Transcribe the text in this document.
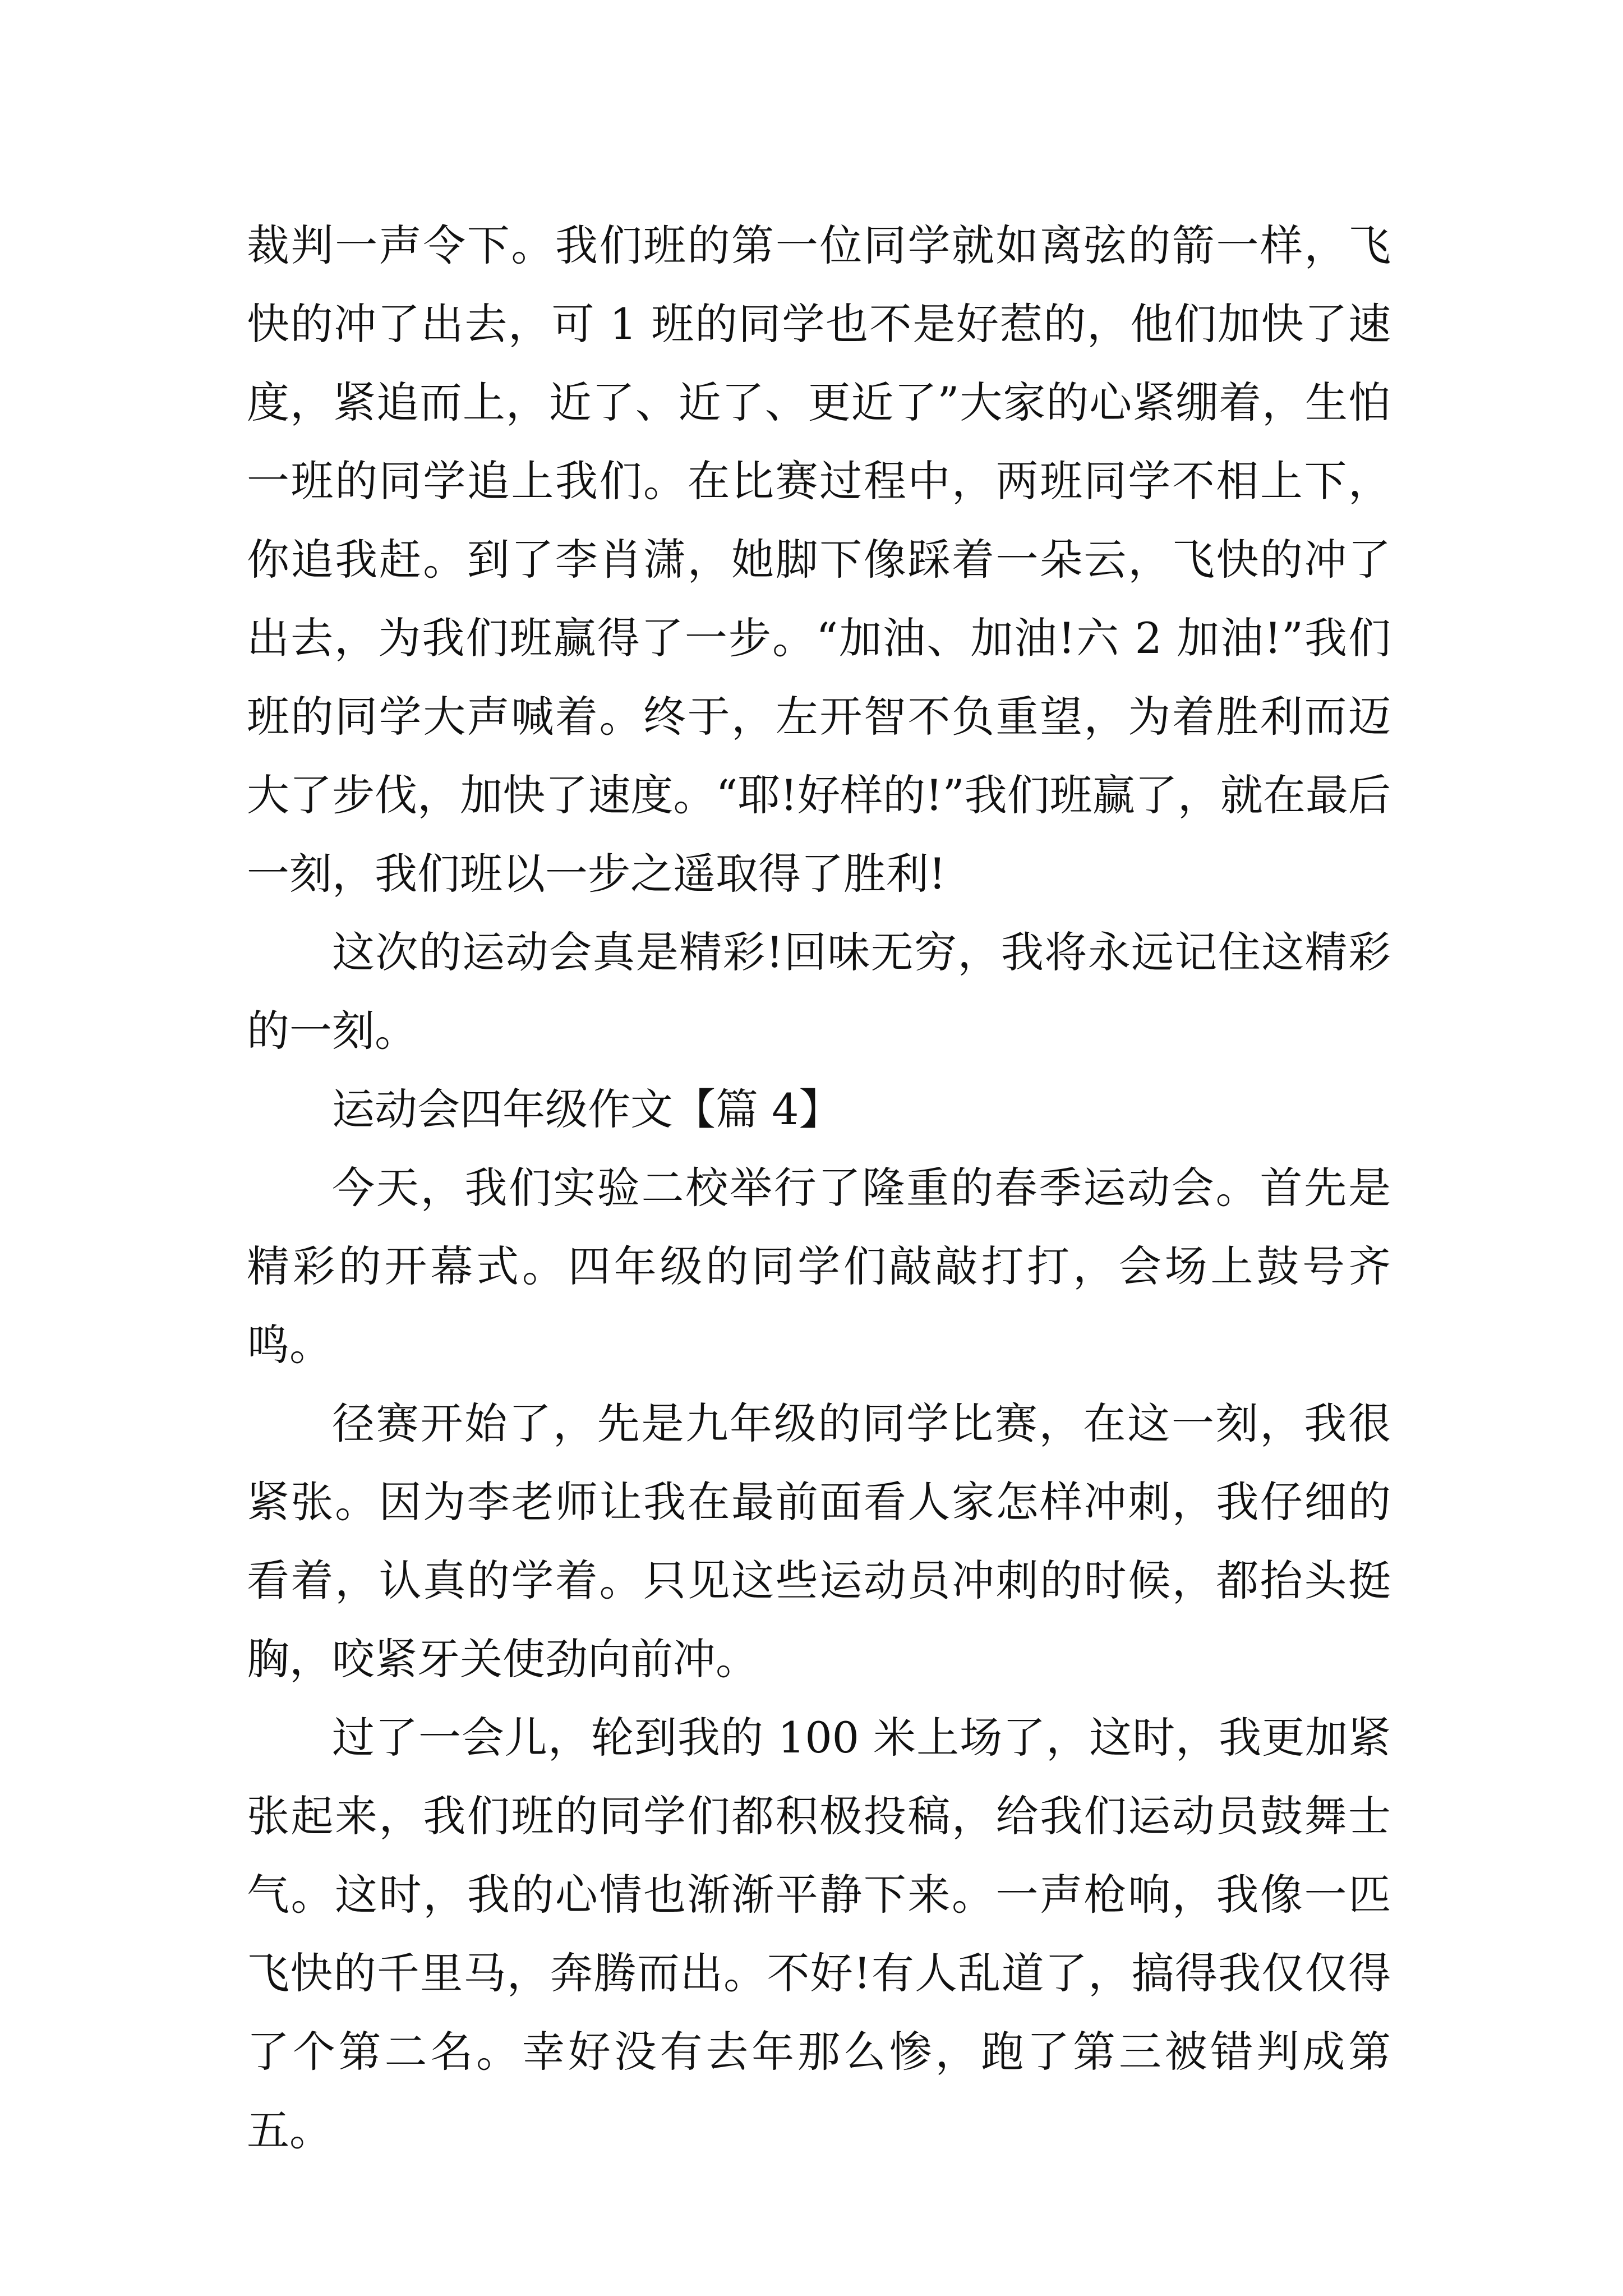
裁判一声令下。我们班的第一位同学就如离弦的箭一样，飞快的冲了出去，可 1 班的同学也不是好惹的，他们加快了速度，紧追而上，近了、近了、更近了”大家的心紧绷着，生怕一班的同学追上我们。在比赛过程中，两班同学不相上下，你追我赶。到了李肖潇，她脚下像踩着一朵云，飞快的冲了出去，为我们班赢得了一步。“加油、加油!六 2 加油!”我们班的同学大声喊着。终于，左开智不负重望，为着胜利而迈大了步伐，加快了速度。“耶!好样的!”我们班赢了，就在最后一刻，我们班以一步之遥取得了胜利!

这次的运动会真是精彩!回味无穷，我将永远记住这精彩的一刻。

运动会四年级作文【篇 4】

今天，我们实验二校举行了隆重的春季运动会。首先是精彩的开幕式。四年级的同学们敲敲打打，会场上鼓号齐鸣。

径赛开始了，先是九年级的同学比赛，在这一刻，我很紧张。因为李老师让我在最前面看人家怎样冲刺，我仔细的看着，认真的学着。只见这些运动员冲刺的时候，都抬头挺胸，咬紧牙关使劲向前冲。

过了一会儿，轮到我的 100 米上场了，这时，我更加紧张起来，我们班的同学们都积极投稿，给我们运动员鼓舞士气。这时，我的心情也渐渐平静下来。一声枪响，我像一匹飞快的千里马，奔腾而出。不好!有人乱道了，搞得我仅仅得了个第二名。幸好没有去年那么惨，跑了第三被错判成第五。
